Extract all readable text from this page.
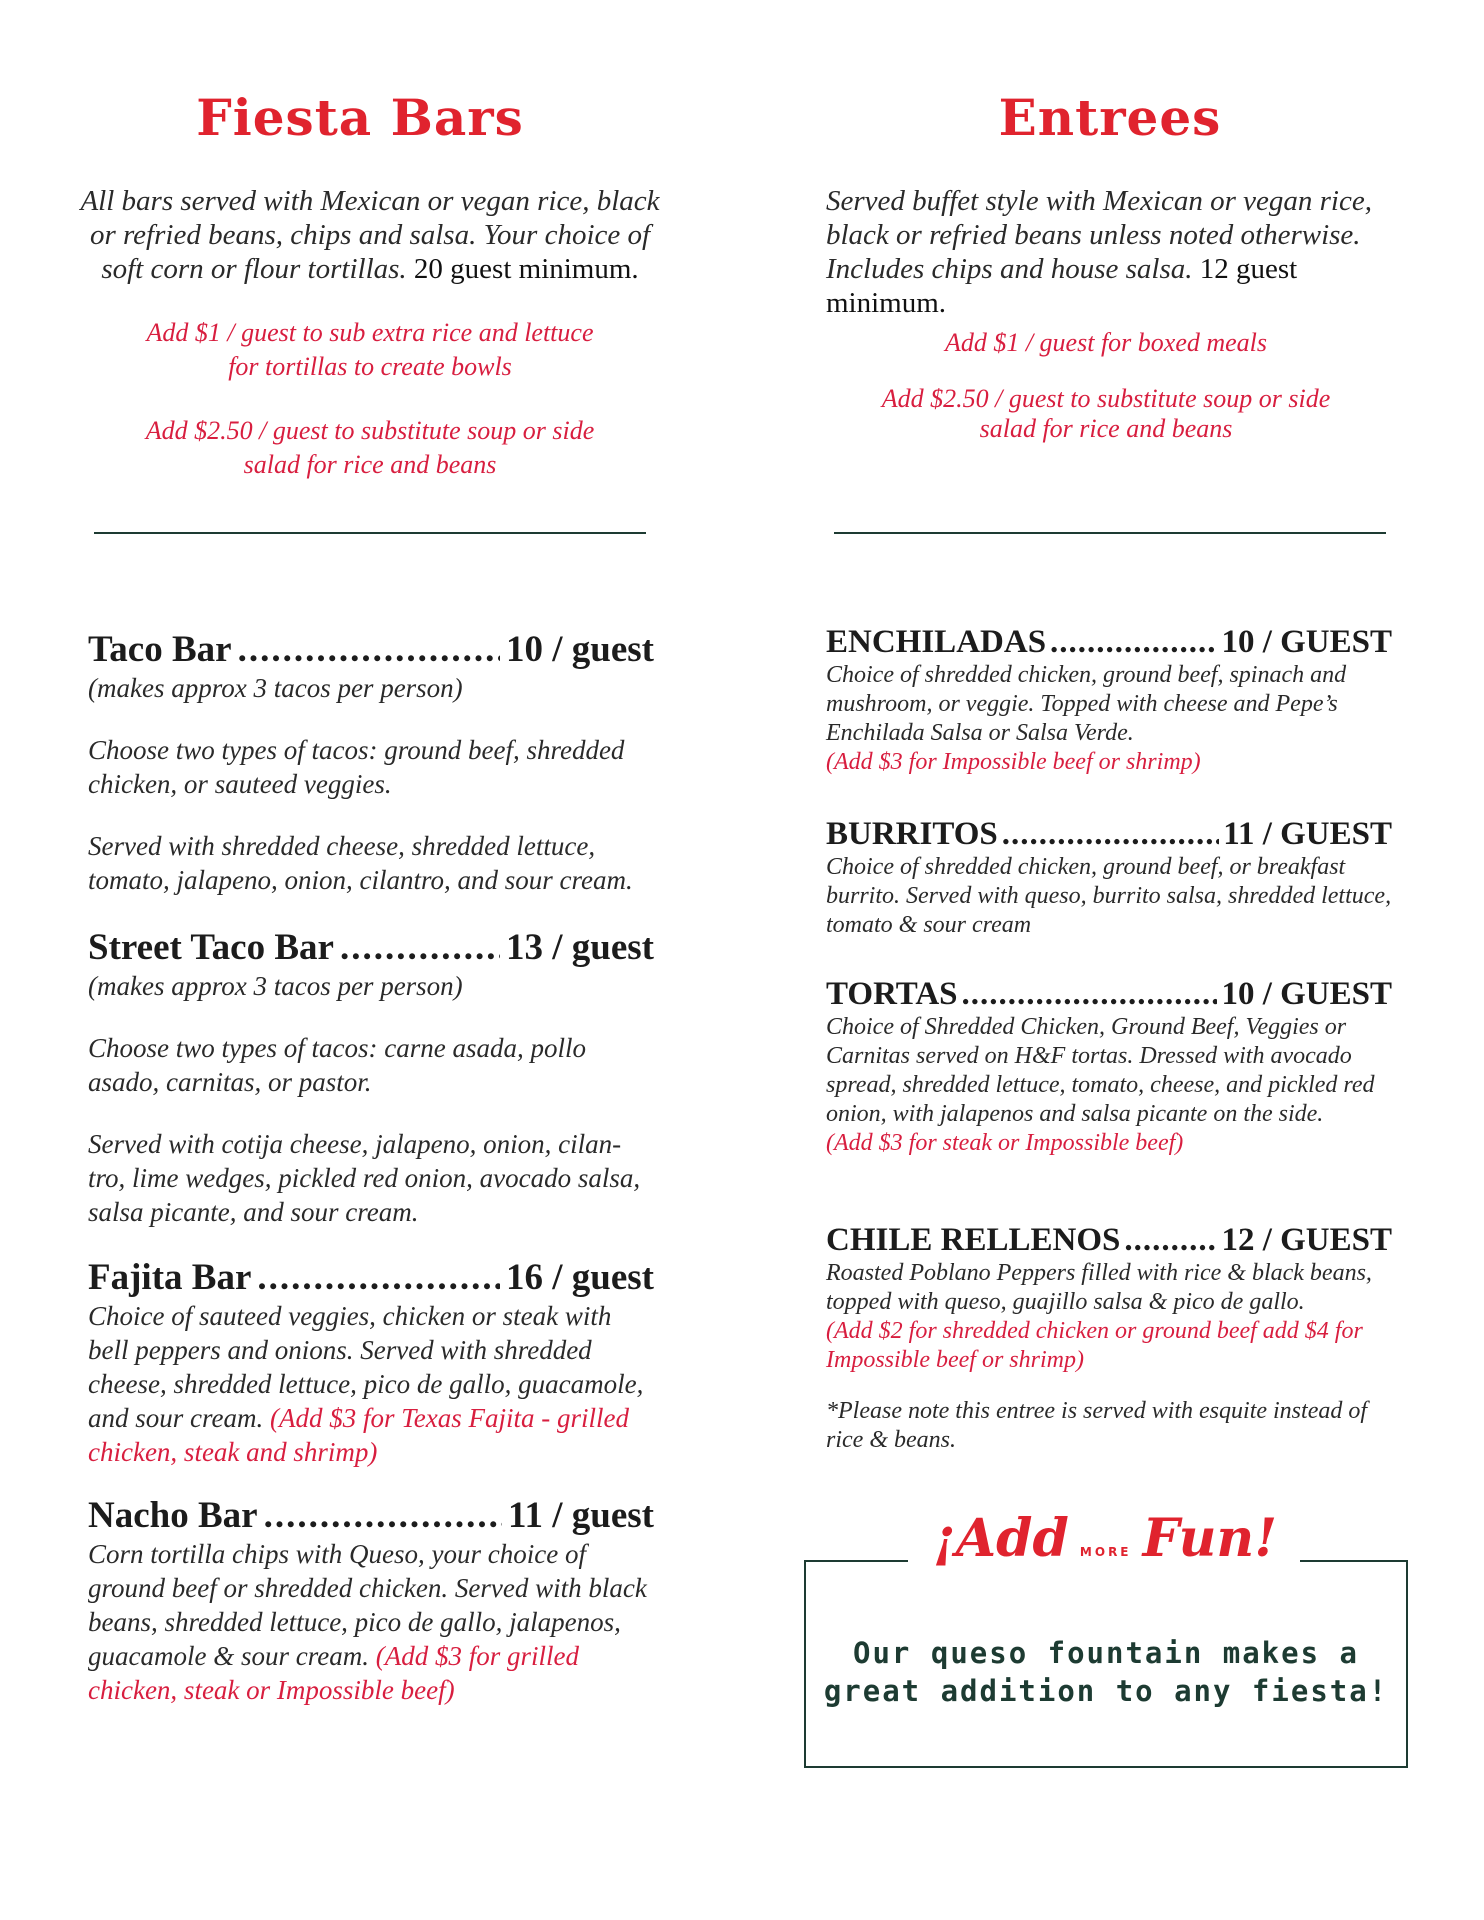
Fiesta Bars
All bars served with Mexican or vegan rice, black
or refried beans, chips and salsa. Your choice of
soft corn or flour tortillas. 20 guest minimum.
Add $1 / guest to sub extra rice and lettuce
for tortillas to create bowls
Add $2.50 / guest to substitute soup or side
salad for rice and beans
Taco Bar .....	10 / guest
(makes approx 3 tacos per person)
Choose two types of tacos: ground beef, shredded chicken, or sauteed veggies.
Served with shredded cheese, shredded lettuce, tomato, jalapeno, onion, cilantro, and sour cream.
Street Taco Bar .....	13 / guest
(makes approx 3 tacos per person)
Choose two types of tacos: carne asada, pollo asado, carnitas, or pastor.
Served with cotija cheese, jalapeno, onion, cilan-tro, lime wedges, pickled red onion, avocado salsa, salsa picante, and sour cream.
Fajita Bar .....	16 / guest
Choice of sauteed veggies, chicken or steak with bell peppers and onions. Served with shredded cheese, shredded lettuce, pico de gallo, guacamole, and sour cream. (Add $3 for Texas Fajita - grilled chicken, steak and shrimp)
Nacho Bar .....	11 / guest
Corn tortilla chips with Queso, your choice of ground beef or shredded chicken. Served with black beans, shredded lettuce, pico de gallo, jalapenos, guacamole & sour cream. (Add $3 for grilled chicken, steak or Impossible beef)
Entrees
Served buffet style with Mexican or vegan rice,
black or refried beans unless noted otherwise.
Includes chips and house salsa. 12 guest minimum.
Add $1 / guest for boxed meals
Add $2.50 / guest to substitute soup or side
salad for rice and beans
ENCHILADAS .....	10 / GUEST
Choice of shredded chicken, ground beef, spinach and mushroom, or veggie. Topped with cheese and Pepe’s Enchilada Salsa or Salsa Verde.
(Add $3 for Impossible beef or shrimp)
BURRITOS .....	11 / GUEST
Choice of shredded chicken, ground beef, or breakfast burrito. Served with queso, burrito salsa, shredded lettuce, tomato & sour cream
TORTAS .....	10 / GUEST
Choice of Shredded Chicken, Ground Beef, Veggies or Carnitas served on H&F tortas. Dressed with avocado spread, shredded lettuce, tomato, cheese, and pickled red onion, with jalapenos and salsa picante on the side.
(Add $3 for steak or Impossible beef)
CHILE RELLENOS .....	12 / GUEST
Roasted Poblano Peppers filled with rice & black beans, topped with queso, guajillo salsa & pico de gallo.
(Add $2 for shredded chicken or ground beef add $4 for Impossible beef or shrimp)
*Please note this entree is served with esquite instead of rice & beans.
¡Add MORE Fun!
Our queso fountain makes a
great addition to any fiesta!
